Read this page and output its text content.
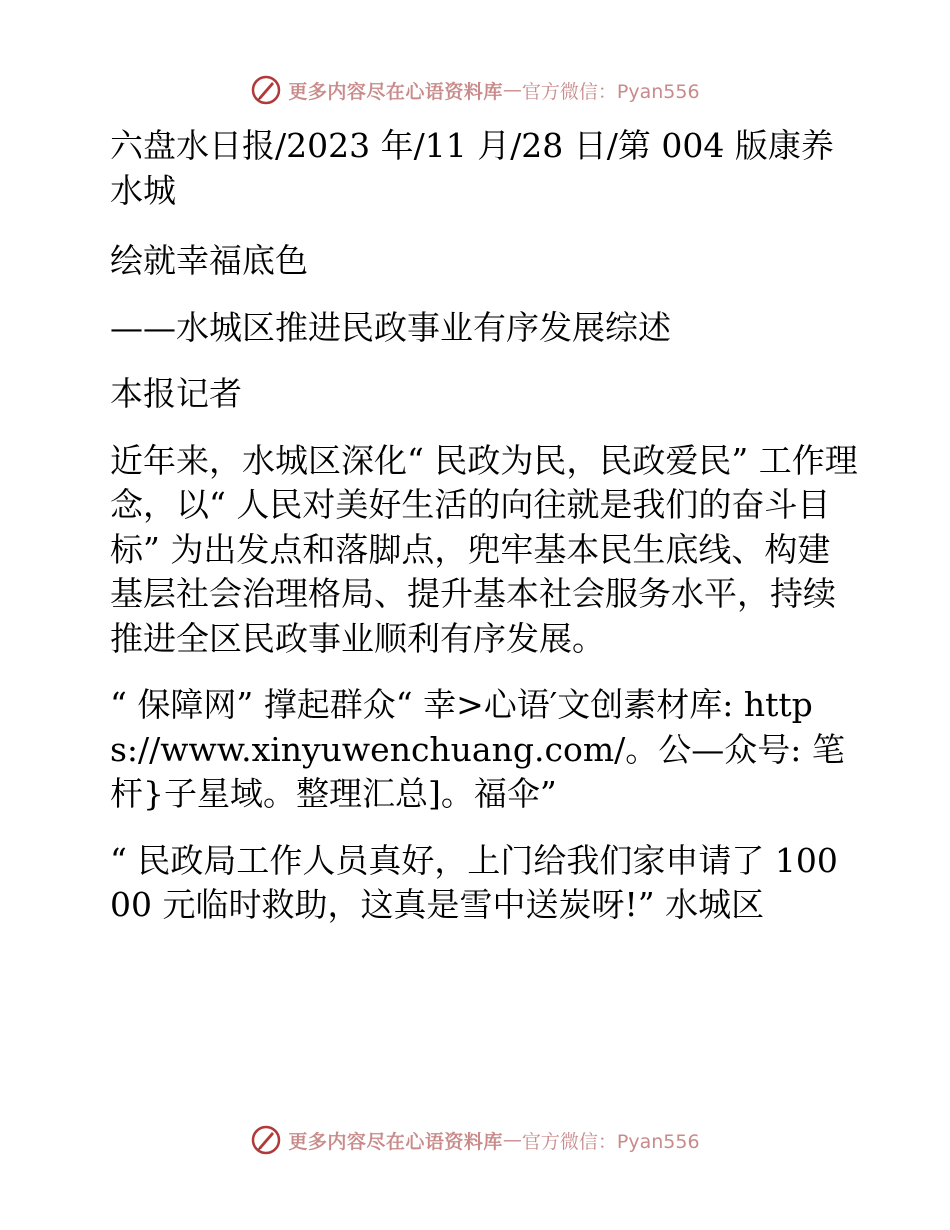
更多内容尽在心语资料库 — 官方微信：Pyan556

六盘水日报/2023 年/11 月/28 日/第 004 版康养水城

绘就幸福底色

——水城区推进民政事业有序发展综述

本报记者

近年来，水城区深化“ 民政为民，民政爱民” 工作理念，以“ 人民对美好生活的向往就是我们的奋斗目标” 为出发点和落脚点，兜牢基本民生底线、构建基层社会治理格局、提升基本社会服务水平，持续推进全区民政事业顺利有序发展。

“ 保障网” 撑起群众“ 幸>心语′文创素材库: https://www.xinyuwenchuang.com/。公—众号: 笔杆}子星域。整理汇总]。福伞”

“ 民政局工作人员真好，上门给我们家申请了 10000 元临时救助，这真是雪中送炭呀!” 水城区

更多内容尽在心语资料库 — 官方微信：Pyan556
